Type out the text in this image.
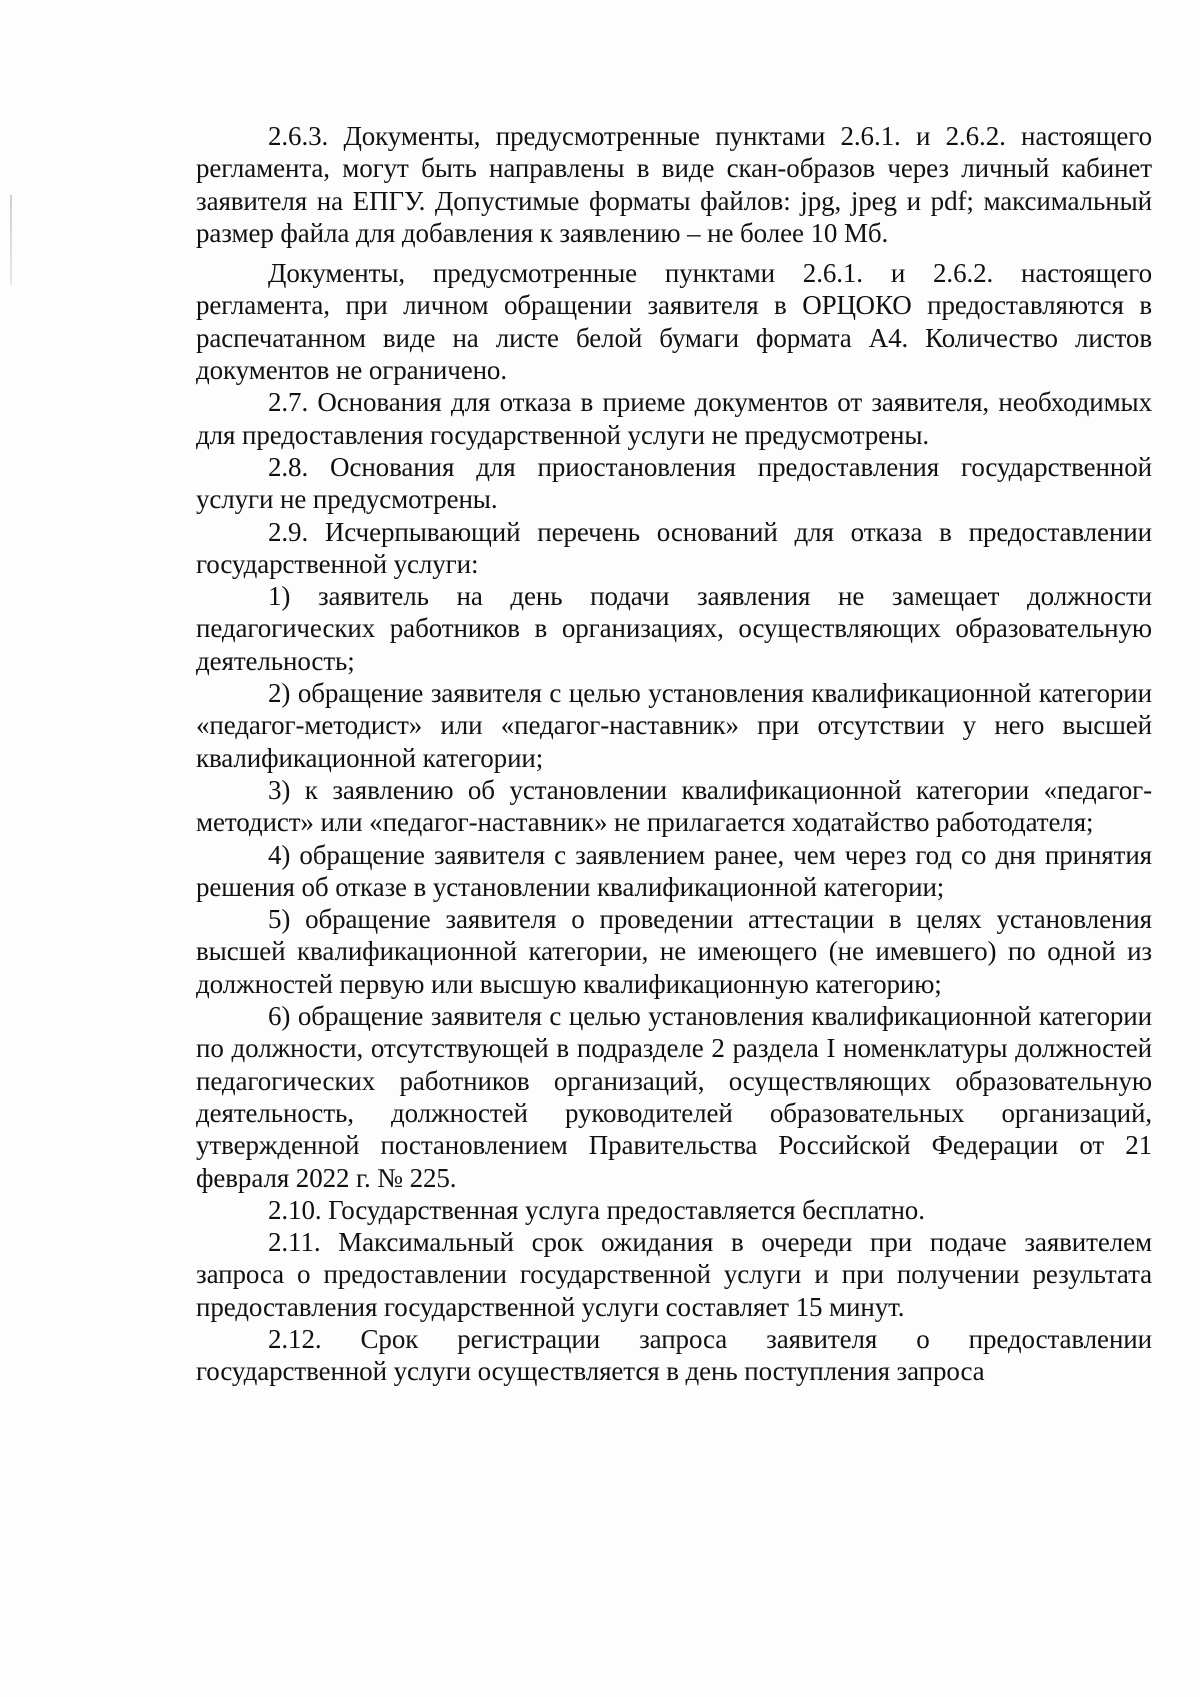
2.6.3. Документы, предусмотренные пунктами 2.6.1. и 2.6.2. настоящего регламента, могут быть направлены в виде скан-образов через личный кабинет заявителя на ЕПГУ. Допустимые форматы файлов: jpg, jpeg и pdf; максимальный размер файла для добавления к заявлению – не более 10 Мб.

Документы, предусмотренные пунктами 2.6.1. и 2.6.2. настоящего регламента, при личном обращении заявителя в ОРЦОКО предоставляются в распечатанном виде на листе белой бумаги формата А4. Количество листов документов не ограничено.

2.7. Основания для отказа в приеме документов от заявителя, необходимых для предоставления государственной услуги не предусмотрены.

2.8. Основания для приостановления предоставления государственной услуги не предусмотрены.

2.9. Исчерпывающий перечень оснований для отказа в предоставлении государственной услуги:

1) заявитель на день подачи заявления не замещает должности педагогических работников в организациях, осуществляющих образовательную деятельность;

2) обращение заявителя с целью установления квалификационной категории «педагог-методист» или «педагог-наставник» при отсутствии у него высшей квалификационной категории;

3) к заявлению об установлении квалификационной категории «педагог-методист» или «педагог-наставник» не прилагается ходатайство работодателя;

4) обращение заявителя с заявлением ранее, чем через год со дня принятия решения об отказе в установлении квалификационной категории;

5) обращение заявителя о проведении аттестации в целях установления высшей квалификационной категории, не имеющего (не имевшего) по одной из должностей первую или высшую квалификационную категорию;

6) обращение заявителя с целью установления квалификационной категории по должности, отсутствующей в подразделе 2 раздела I номенклатуры должностей педагогических работников организаций, осуществляющих образовательную деятельность, должностей руководителей образовательных организаций, утвержденной постановлением Правительства Российской Федерации от 21 февраля 2022 г. № 225.

2.10. Государственная услуга предоставляется бесплатно.

2.11. Максимальный срок ожидания в очереди при подаче заявителем запроса о предоставлении государственной услуги и при получении результата предоставления государственной услуги составляет 15 минут.

2.12. Срок регистрации запроса заявителя о предоставлении государственной услуги осуществляется в день поступления запроса
